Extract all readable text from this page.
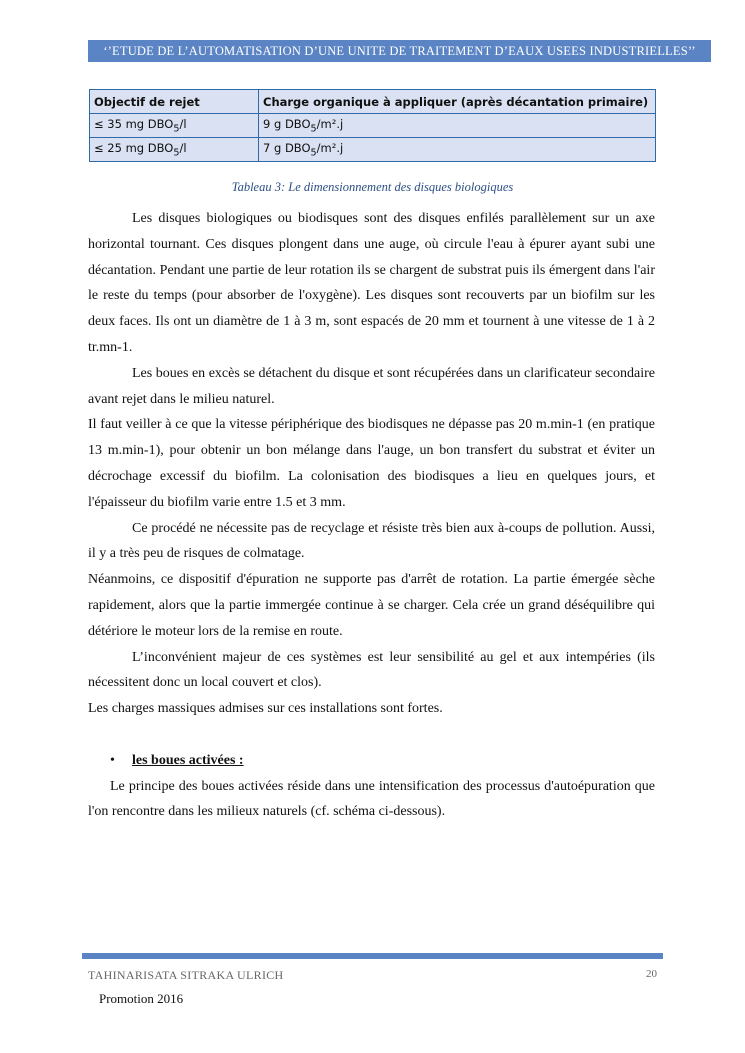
‘’ETUDE DE L’AUTOMATISATION D’UNE UNITE DE TRAITEMENT D’EAUX USEES INDUSTRIELLES’’
Objectif de rejet	Charge organique à appliquer (après décantation primaire)
≤ 35 mg $DBO_5/l$	9 g $DBO_5/m^2.j$
≤ 25 mg $DBO_5/l$	7 g $DBO_5/m^2.j$
Tableau 3: Le dimensionnement des disques biologiques

Les disques biologiques ou biodisques sont des disques enfilés parallèlement sur un axe horizontal tournant. Ces disques plongent dans une auge, où circule l'eau à épurer ayant subi une décantation. Pendant une partie de leur rotation ils se chargent de substrat puis ils émergent dans l'air le reste du temps (pour absorber de l'oxygène). Les disques sont recouverts par un biofilm sur les deux faces. Ils ont un diamètre de 1 à 3 m, sont espacés de 20 mm et tournent à une vitesse de 1 à 2 tr.mn-1.

Les boues en excès se détachent du disque et sont récupérées dans un clarificateur secondaire avant rejet dans le milieu naturel.

Il faut veiller à ce que la vitesse périphérique des biodisques ne dépasse pas 20 m.min-1 (en pratique 13 m.min-1), pour obtenir un bon mélange dans l'auge, un bon transfert du substrat et éviter un décrochage excessif du biofilm. La colonisation des biodisques a lieu en quelques jours, et l'épaisseur du biofilm varie entre 1.5 et 3 mm.

Ce procédé ne nécessite pas de recyclage et résiste très bien aux à-coups de pollution. Aussi, il y a très peu de risques de colmatage.

Néanmoins, ce dispositif d'épuration ne supporte pas d'arrêt de rotation. La partie émergée sèche rapidement, alors que la partie immergée continue à se charger. Cela crée un grand déséquilibre qui détériore le moteur lors de la remise en route.

L’inconvénient majeur de ces systèmes est leur sensibilité au gel et aux intempéries (ils nécessitent donc un local couvert et clos).

Les charges massiques admises sur ces installations sont fortes.

• les boues activées :

Le principe des boues activées réside dans une intensification des processus d'autoépuration que l'on rencontre dans les milieux naturels (cf. schéma ci-dessous).

TAHINARISATA SITRAKA ULRICH	20
Promotion 2016
